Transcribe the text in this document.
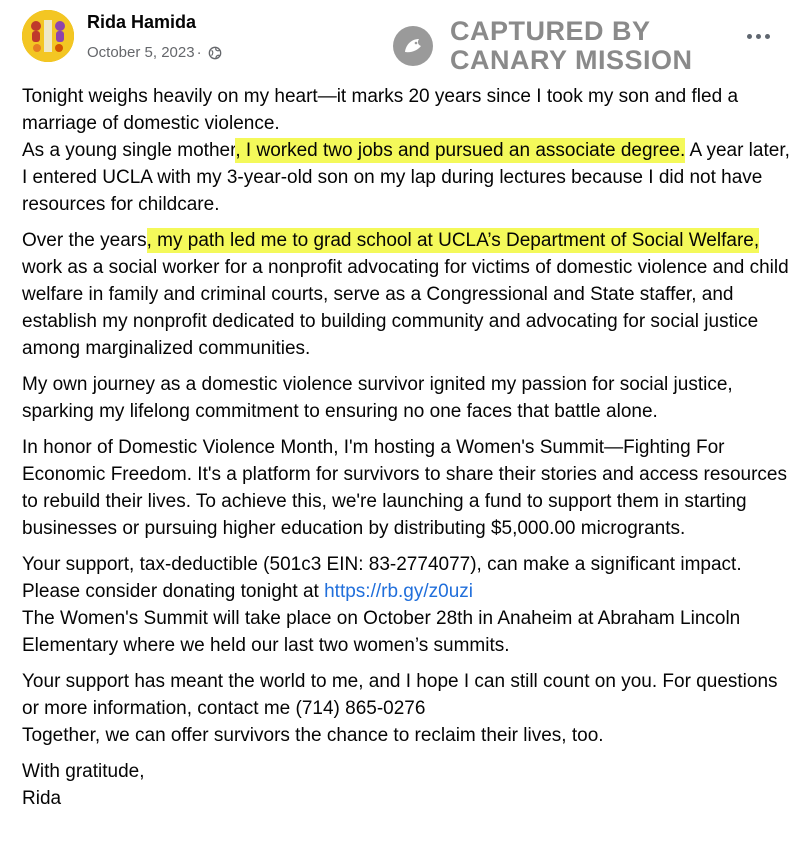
Rida Hamida
October 5, 2023 ·
CAPTURED BY
CANARY MISSION

Tonight weighs heavily on my heart—it marks 20 years since I took my son and fled a marriage of domestic violence.
As a young single mother, I worked two jobs and pursued an associate degree. A year later, I entered UCLA with my 3-year-old son on my lap during lectures because I did not have resources for childcare.

Over the years, my path led me to grad school at UCLA’s Department of Social Welfare, work as a social worker for a nonprofit advocating for victims of domestic violence and child welfare in family and criminal courts, serve as a Congressional and State staffer, and establish my nonprofit dedicated to building community and advocating for social justice among marginalized communities.

My own journey as a domestic violence survivor ignited my passion for social justice, sparking my lifelong commitment to ensuring no one faces that battle alone.

In honor of Domestic Violence Month, I'm hosting a Women's Summit—Fighting For Economic Freedom. It's a platform for survivors to share their stories and access resources to rebuild their lives. To achieve this, we're launching a fund to support them in starting businesses or pursuing higher education by distributing $5,000.00 microgrants.

Your support, tax-deductible (501c3 EIN: 83-2774077), can make a significant impact. Please consider donating tonight at https://rb.gy/z0uzi
The Women's Summit will take place on October 28th in Anaheim at Abraham Lincoln Elementary where we held our last two women’s summits.

Your support has meant the world to me, and I hope I can still count on you. For questions or more information, contact me (714) 865-0276
Together, we can offer survivors the chance to reclaim their lives, too.

With gratitude,
Rida
